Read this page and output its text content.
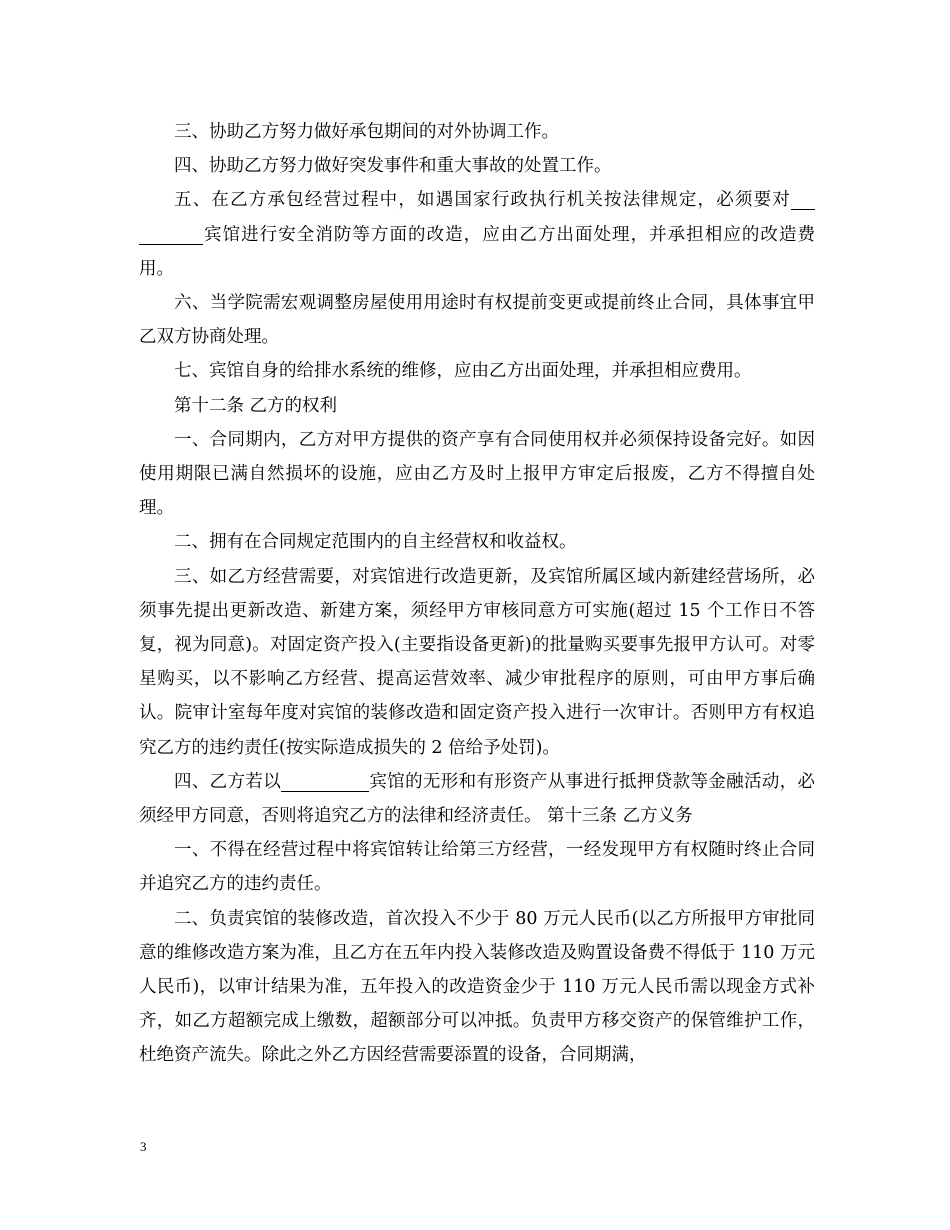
三、协助乙方努力做好承包期间的对外协调工作。

四、协助乙方努力做好突发事件和重大事故的处置工作。

五、在乙方承包经营过程中，如遇国家行政执行机关按法律规定，必须要对宾馆进行安全消防等方面的改造，应由乙方出面处理，并承担相应的改造费用。

六、当学院需宏观调整房屋使用用途时有权提前变更或提前终止合同，具体事宜甲乙双方协商处理。

七、宾馆自身的给排水系统的维修，应由乙方出面处理，并承担相应费用。

第十二条 乙方的权利

一、合同期内，乙方对甲方提供的资产享有合同使用权并必须保持设备完好。如因使用期限已满自然损坏的设施，应由乙方及时上报甲方审定后报废，乙方不得擅自处理。

二、拥有在合同规定范围内的自主经营权和收益权。

三、如乙方经营需要，对宾馆进行改造更新，及宾馆所属区域内新建经营场所，必须事先提出更新改造、新建方案，须经甲方审核同意方可实施(超过 15 个工作日不答复，视为同意)。对固定资产投入(主要指设备更新)的批量购买要事先报甲方认可。对零星购买，以不影响乙方经营、提高运营效率、减少审批程序的原则，可由甲方事后确认。院审计室每年度对宾馆的装修改造和固定资产投入进行一次审计。否则甲方有权追究乙方的违约责任(按实际造成损失的 2 倍给予处罚)。

四、乙方若以	宾馆的无形和有形资产从事进行抵押贷款等金融活动，必须经甲方同意，否则将追究乙方的法律和经济责任。 第十三条 乙方义务

一、不得在经营过程中将宾馆转让给第三方经营，一经发现甲方有权随时终止合同并追究乙方的违约责任。

二、负责宾馆的装修改造，首次投入不少于 80 万元人民币(以乙方所报甲方审批同意的维修改造方案为准，且乙方在五年内投入装修改造及购置设备费不得低于 110 万元人民币)，以审计结果为准，五年投入的改造资金少于 110 万元人民币需以现金方式补齐，如乙方超额完成上缴数，超额部分可以冲抵。负责甲方移交资产的保管维护工作，杜绝资产流失。除此之外乙方因经营需要添置的设备，合同期满，

3
